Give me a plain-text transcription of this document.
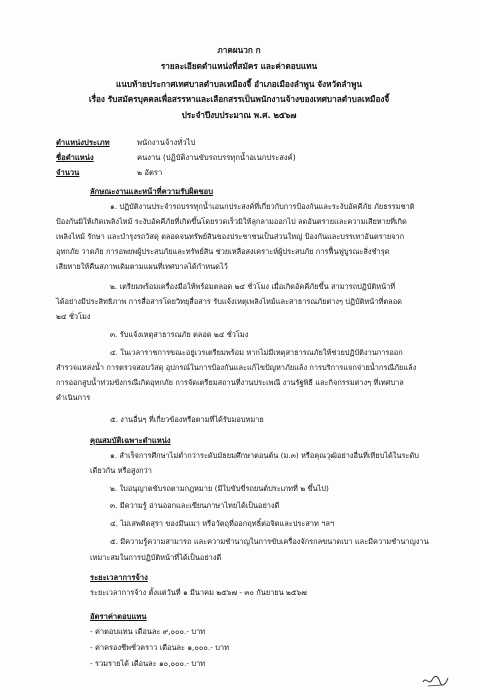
ภาคผนวก ก
รายละเอียดตำแหน่งที่สมัคร และค่าตอบแทน
แนบท้ายประกาศเทศบาลตำบลเหมืองจี้ อำเภอเมืองลำพูน จังหวัดลำพูน
เรื่อง รับสมัครบุคคลเพื่อสรรหาและเลือกสรรเป็นพนักงานจ้างของเทศบาลตำบลเหมืองจี้
ประจำปีงบประมาณ พ.ศ. ๒๕๖๗
ตำแหน่งประเภท	พนักงานจ้างทั่วไป
ชื่อตำแหน่ง	คนงาน (ปฏิบัติงานขับรถบรรทุกน้ำอเนกประสงค์)
จำนวน	๒ อัตรา
ลักษณะงานและหน้าที่ความรับผิดชอบ
๑. ปฏิบัติงานประจำรถบรรทุกน้ำเอนกประสงค์ที่เกี่ยวกับการป้องกันและระงับอัคคีภัย ภัยธรรมชาติ
ป้องกันมิให้เกิดเพลิงไหม้ ระงับอัคคีภัยที่เกิดขึ้นโดยรวดเร็วมิให้ลุกลามออกไป ลดอันตรายและความเสียหายที่เกิด
เพลิงไหม้ รักษา และบำรุงรถวัสดุ ตลอดจนทรัพย์สินของประชาชนเป็นส่วนใหญ่ ป้องกันและบรรเทาอันตรายจาก
อุทกภัย วาตภัย การอพยพผู้ประสบภัยและทรัพย์สิน ช่วยเหลือสงเคราะห์ผู้ประสบภัย การฟื้นฟูบูรณะสิ่งชำรุด
เสียหายให้คืนสภาพเดิมตามแผนที่เทศบาลได้กำหนดไว้
๒. เตรียมพร้อมเครื่องมือให้พร้อมตลอด ๒๔ ชั่วโมง เมื่อเกิดอัคคีภัยขึ้น สามารถปฏิบัติหน้าที่
ได้อย่างมีประสิทธิภาพ การสื่อสารโดยวิทยุสื่อสาร รับแจ้งเหตุเพลิงไหม้และสาธารณภัยต่างๆ ปฏิบัติหน้าที่ตลอด
๒๔ ชั่วโมง
๓. รับแจ้งเหตุสาธารณภัย ตลอด ๒๔ ชั่วโมง
๔. ในเวลาราชการขณะอยู่เวรเตรียมพร้อม หากไม่มีเหตุสาธารณภัยให้ช่วยปฏิบัติงานการออก
สำรวจแหล่งน้ำ การตรวจสอบวัสดุ อุปกรณ์ในการป้องกันและแก้ไขปัญหาภัยแล้ง การบริการแจกจ่ายน้ำกรณีภัยแล้ง
การออกสูบน้ำท่วมขังกรณีเกิดอุทกภัย การจัดเตรียมสถานที่งานประเพณี งานรัฐพิธี และกิจกรรมต่างๆ ที่เทศบาล
ดำเนินการ
๕. งานอื่นๆ ที่เกี่ยวข้องหรือตามที่ได้รับมอบหมาย
คุณสมบัติเฉพาะตำแหน่ง
๑. สำเร็จการศึกษาไม่ต่ำกว่าระดับมัธยมศึกษาตอนต้น (ม.๓) หรือคุณวุฒิอย่างอื่นที่เทียบได้ในระดับ
เดียวกัน หรือสูงกว่า
๒. ใบอนุญาตขับรถตามกฎหมาย (มีใบขับขี่รถยนต์ประเภทที่ ๒ ขึ้นไป)
๓. มีความรู้ อ่านออกและเขียนภาษาไทยได้เป็นอย่างดี
๔. ไม่เสพติดสุรา ของมึนเมา หรือวัตถุที่ออกฤทธิ์ต่อจิตและประสาท ฯลฯ
๕. มีความรู้ความสามารถ และความชำนาญในการขับเครื่องจักรกลขนาดเบา และมีความชำนาญงาน
เหมาะสมในการปฏิบัติหน้าที่ได้เป็นอย่างดี
ระยะเวลาการจ้าง
ระยะเวลาการจ้าง ตั้งแต่วันที่ ๑ มีนาคม ๒๕๖๗ - ๓๐ กันยายน ๒๕๖๗
อัตราค่าตอบแทน
- ค่าตอบแทน เดือนละ ๙,๐๐๐.- บาท
- ค่าครองชีพชั่วคราว เดือนละ ๑,๐๐๐.- บาท
- รวมรายได้ เดือนละ ๑๐,๐๐๐.- บาท
